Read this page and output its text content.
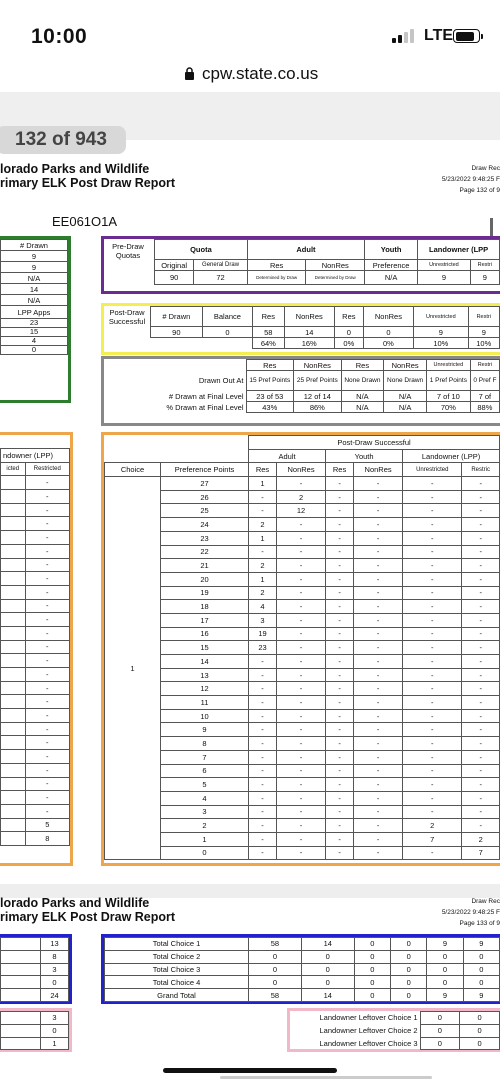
10:00	LTE
cpw.state.co.us
132 of 943
lorado Parks and Wildlife
rimary ELK Post Draw Report
Draw Rec
5/23/2022 9:48:25 F
Page 132 of 9
EE061O1A
# Drawn
9
9
N/A
14
N/A
LPP Apps
23
15
4
0
Pre-Draw Quotas
Quota		Adult		Youth	Landowner (LPP	
Original	General Draw	Res	NonRes	Preference	Unrestricted	Restri
90	72	Determined by Draw	Determined by Draw	N/A	9	9
Post-Draw Successful
# Drawn	Balance	Res	NonRes	Res	NonRes	Unrestricted	Restri
90	0	58	14	0	0	9	9
		64%	16%	0%	0%	10%	10%
	Res	NonRes	Res	NonRes	Unrestricted	Restri
Drawn Out At	15 Pref Points	25 Pref Points	None Drawn	None Drawn	1 Pref Points	0 Pref F
# Drawn at Final Level	23 of 53	12 of 14	N/A	N/A	7 of 10	7 of
% Drawn at Final Level	43%	86%	N/A	N/A	70%	88%
ndowner (LPP)	
icted	Restricted
	-
	-
	-
	-
	-
	-
	-
	-
	-
	-
	-
	-
	-
	-
	-
	-
	-
	-
	-
	-
	-
	-
	-
	-
	-
	5
	8
		Post-Draw Successful					
		Adult		Youth		Landowner (LPP)	
Choice	Preference Points	Res	NonRes	Res	NonRes	Unrestricted	Restric
1	27	1	-	-	-	-	-
	26	-	2	-	-	-	-
	25	-	12	-	-	-	-
	24	2	-	-	-	-	-
	23	1	-	-	-	-	-
	22	-	-	-	-	-	-
	21	2	-	-	-	-	-
	20	1	-	-	-	-	-
	19	2	-	-	-	-	-
	18	4	-	-	-	-	-
	17	3	-	-	-	-	-
	16	19	-	-	-	-	-
	15	23	-	-	-	-	-
	14	-	-	-	-	-	-
	13	-	-	-	-	-	-
	12	-	-	-	-	-	-
	11	-	-	-	-	-	-
	10	-	-	-	-	-	-
	9	-	-	-	-	-	-
	8	-	-	-	-	-	-
	7	-	-	-	-	-	-
	6	-	-	-	-	-	-
	5	-	-	-	-	-	-
	4	-	-	-	-	-	-
	3	-	-	-	-	-	-
	2	-	-	-	-	2	-
	1	-	-	-	-	7	2
	0	-	-	-	-	-	7
lorado Parks and Wildlife
rimary ELK Post Draw Report
Draw Rec
5/23/2022 9:48:25 F
Page 133 of 9
	13
	8
	3
	0
	24
	3
	0
	1
Total Choice 1	58	14	0	0	9	9
Total Choice 2	0	0	0	0	0	0
Total Choice 3	0	0	0	0	0	0
Total Choice 4	0	0	0	0	0	0
Grand Total	58	14	0	0	9	9
Landowner Leftover Choice 1	0	0
Landowner Leftover Choice 2	0	0
Landowner Leftover Choice 3	0	0
